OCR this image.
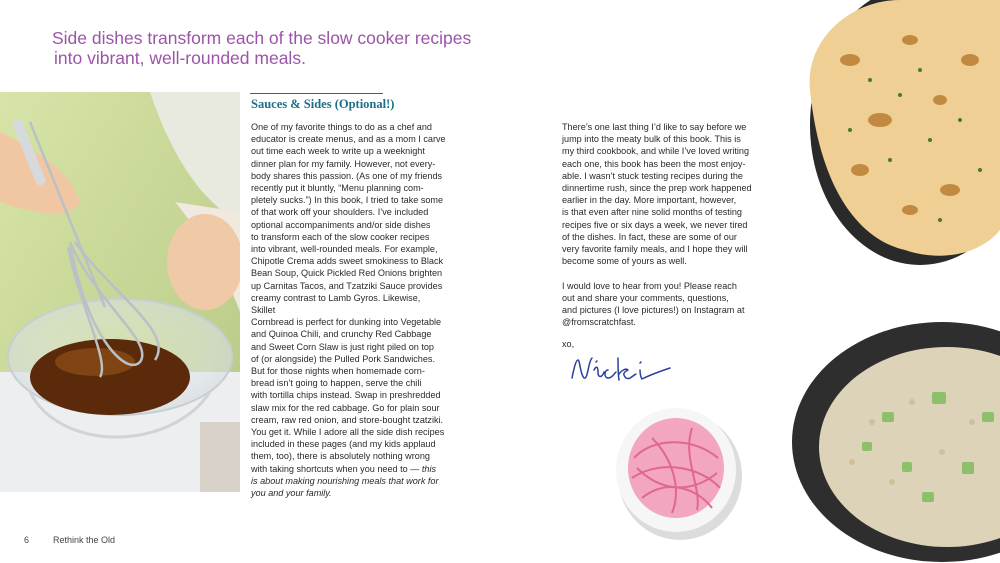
Side dishes transform each of the slow cooker recipes
into vibrant, well-rounded meals.
Sauces & Sides (Optional!)

One of my favorite things to do as a chef and

educator is create menus, and as a mom I carve

out time each week to write up a weeknight

dinner plan for my family. However, not every-

body shares this passion. (As one of my friends

recently put it bluntly, “Menu planning com-

pletely sucks.”) In this book, I tried to take some

of that work off your shoulders. I’ve included

optional accompaniments and/or side dishes

to transform each of the slow cooker recipes

into vibrant, well-rounded meals. For example,

Chipotle Crema adds sweet smokiness to Black

Bean Soup, Quick Pickled Red Onions brighten

up Carnitas Tacos, and Tzatziki Sauce provides

creamy contrast to Lamb Gyros. Likewise, Skillet

Cornbread is perfect for dunking into Vegetable

and Quinoa Chili, and crunchy Red Cabbage

and Sweet Corn Slaw is just right piled on top

of (or alongside) the Pulled Pork Sandwiches.

But for those nights when homemade corn-

bread isn’t going to happen, serve the chili

with tortilla chips instead. Swap in preshredded

slaw mix for the red cabbage. Go for plain sour

cream, raw red onion, and store-bought tzatziki.

You get it. While I adore all the side dish recipes

included in these pages (and my kids applaud

them, too), there is absolutely nothing wrong

with taking shortcuts when you need to — this

is about making nourishing meals that work for

you and your family.

There’s one last thing I’d like to say before we

jump into the meaty bulk of this book. This is

my third cookbook, and while I’ve loved writing

each one, this book has been the most enjoy-

able. I wasn’t stuck testing recipes during the

dinnertime rush, since the prep work happened

earlier in the day. More important, however,

is that even after nine solid months of testing

recipes five or six days a week, we never tired

of the dishes. In fact, these are some of our

very favorite family meals, and I hope they will

become some of yours as well.

I would love to hear from you! Please reach

out and share your comments, questions,

and pictures (I love pictures!) on Instagram at

@fromscratchfast.

xo,
6	Rethink the Old
